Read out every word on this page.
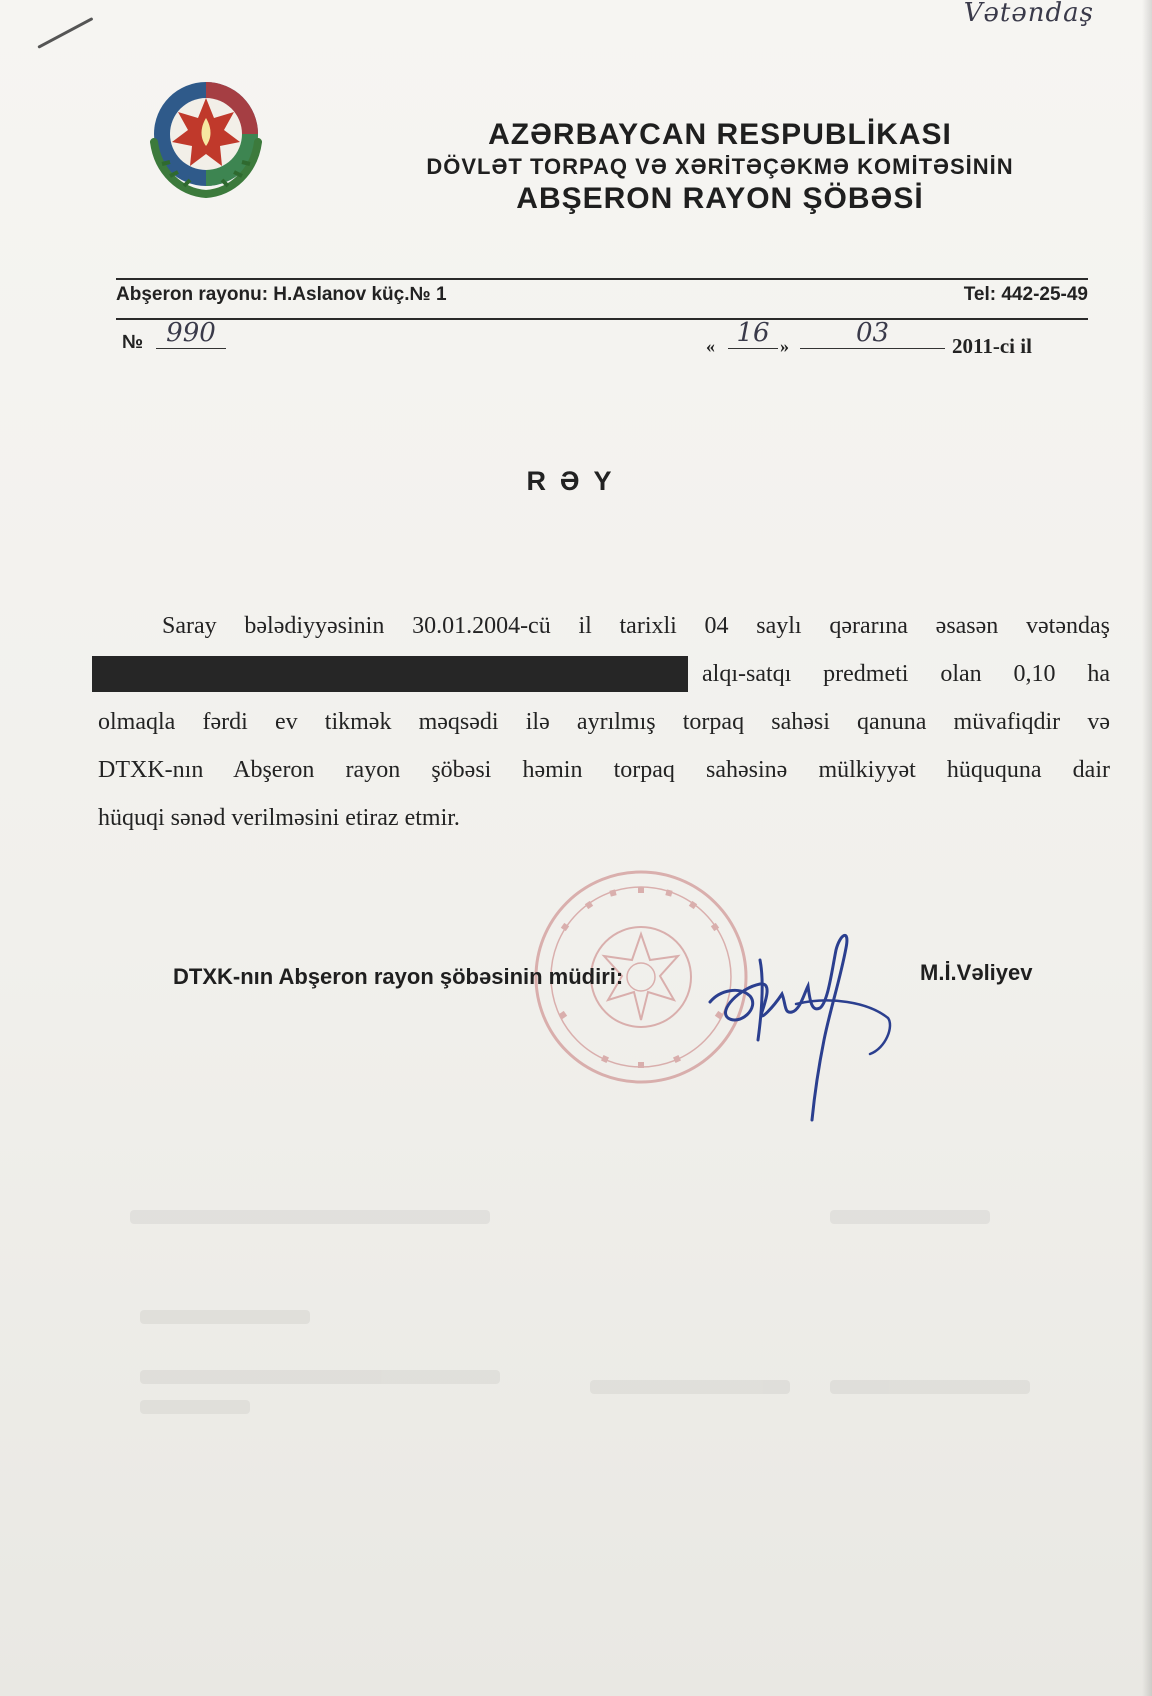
Vətəndaş
AZƏRBAYCAN RESPUBLİKASI
DÖVLƏT TORPAQ VƏ XƏRİTƏÇƏKMƏ KOMİTƏSİNİN
ABŞERON RAYON ŞÖBƏSİ
Abşeron rayonu: H.Aslanov küç.№ 1	Tel: 442-25-49
№ 990	« 16 »	03	2011-ci il
RƏY
Saray bələdiyyəsinin 30.01.2004-cü il tarixli 04 saylı qərarına əsasən vətəndaş
alqı-satqı predmeti olan 0,10 ha
olmaqla fərdi ev tikmək məqsədi ilə ayrılmış torpaq sahəsi qanuna müvafiqdir və
DTXK-nın Abşeron rayon şöbəsi həmin torpaq sahəsinə mülkiyyət hüququna dair
hüquqi sənəd verilməsini etiraz etmir.
DTXK-nın Abşeron rayon şöbəsinin müdiri:	M.İ.Vəliyev
